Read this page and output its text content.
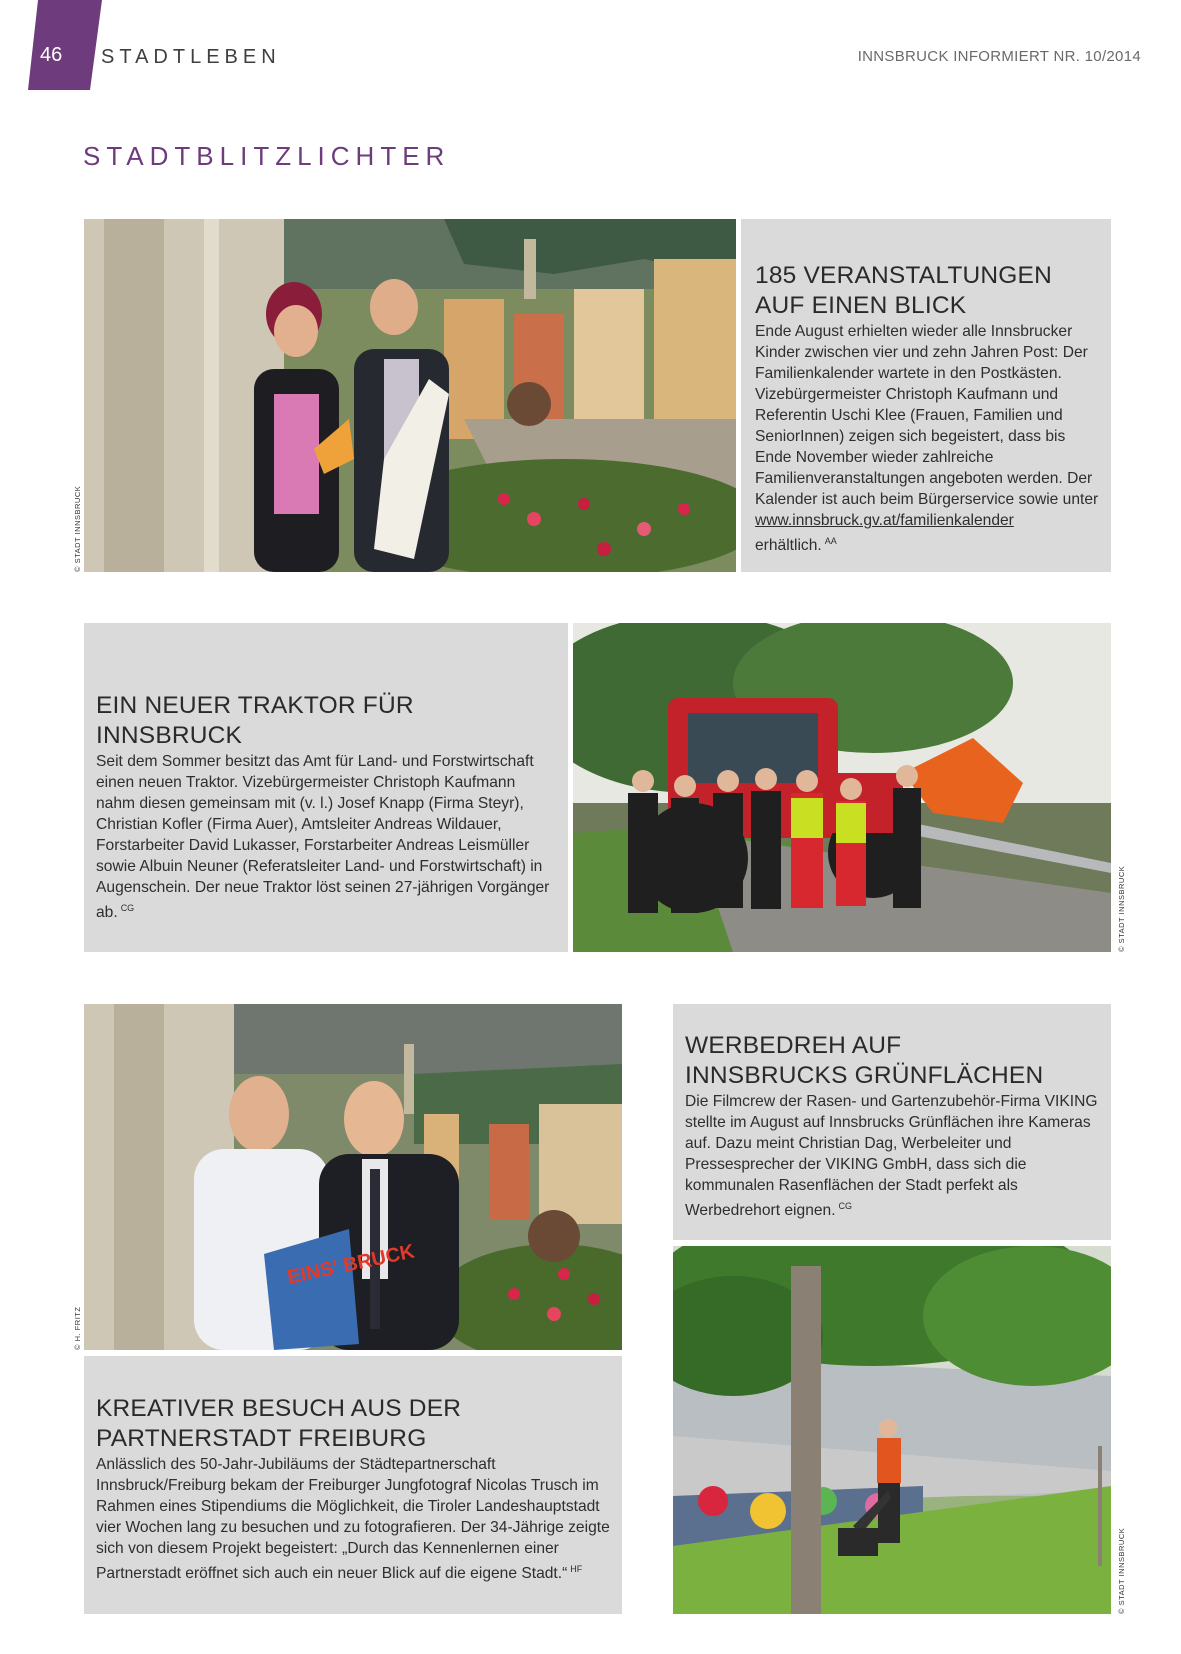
46 STADTLEBEN	INNSBRUCK INFORMIERT NR. 10/2014
STADTBLITZLICHTER
© STADT INNSBRUCK
185 VERANSTALTUNGEN
AUF EINEN BLICK

Ende August erhielten wieder alle Innsbrucker Kinder zwischen vier und zehn Jahren Post: Der Familienkalender wartete in den Postkästen. Vizebürgermeister Christoph Kaufmann und Referentin Uschi Klee (Frauen, Familien und SeniorInnen) zeigen sich begeistert, dass bis Ende November wieder zahlreiche Familienveranstaltungen angeboten werden. Der Kalender ist auch beim Bürgerservice sowie unter www.innsbruck.gv.at/familienkalender erhältlich. $^{AA}$

EIN NEUER TRAKTOR FÜR INNSBRUCK

Seit dem Sommer besitzt das Amt für Land- und Forstwirtschaft einen neuen Traktor. Vizebürgermeister Christoph Kaufmann nahm diesen gemeinsam mit (v. l.) Josef Knapp (Firma Steyr), Christian Kofler (Firma Auer), Amtsleiter Andreas Wildauer, Forstarbeiter David Lukasser, Forstarbeiter Andreas Leismüller sowie Albuin Neuner (Referatsleiter Land- und Forstwirtschaft) in Augenschein. Der neue Traktor löst seinen 27-jährigen Vorgänger ab. $^{CG}$	© STADT INNSBRUCK
EINS' BRUCK
© H. FRITZ
KREATIVER BESUCH AUS DER
PARTNERSTADT FREIBURG

Anlässlich des 50-Jahr-Jubiläums der Städtepartnerschaft Innsbruck/Freiburg bekam der Freiburger Jungfotograf Nicolas Trusch im Rahmen eines Stipendiums die Möglichkeit, die Tiroler Landeshauptstadt vier Wochen lang zu besuchen und zu fotografieren. Der 34-Jährige zeigte sich von diesem Projekt begeistert: „Durch das Kennenlernen einer Partnerstadt eröffnet sich auch ein neuer Blick auf die eigene Stadt.“ $^{HF}$

WERBEDREH AUF
INNSBRUCKS GRÜNFLÄCHEN

Die Filmcrew der Rasen- und Gartenzubehör-Firma VIKING stellte im August auf Innsbrucks Grünflächen ihre Kameras auf. Dazu meint Christian Dag, Werbeleiter und Pressesprecher der VIKING GmbH, dass sich die kommunalen Rasenflächen der Stadt perfekt als Werbedrehort eignen. $^{CG}$

© STADT INNSBRUCK
